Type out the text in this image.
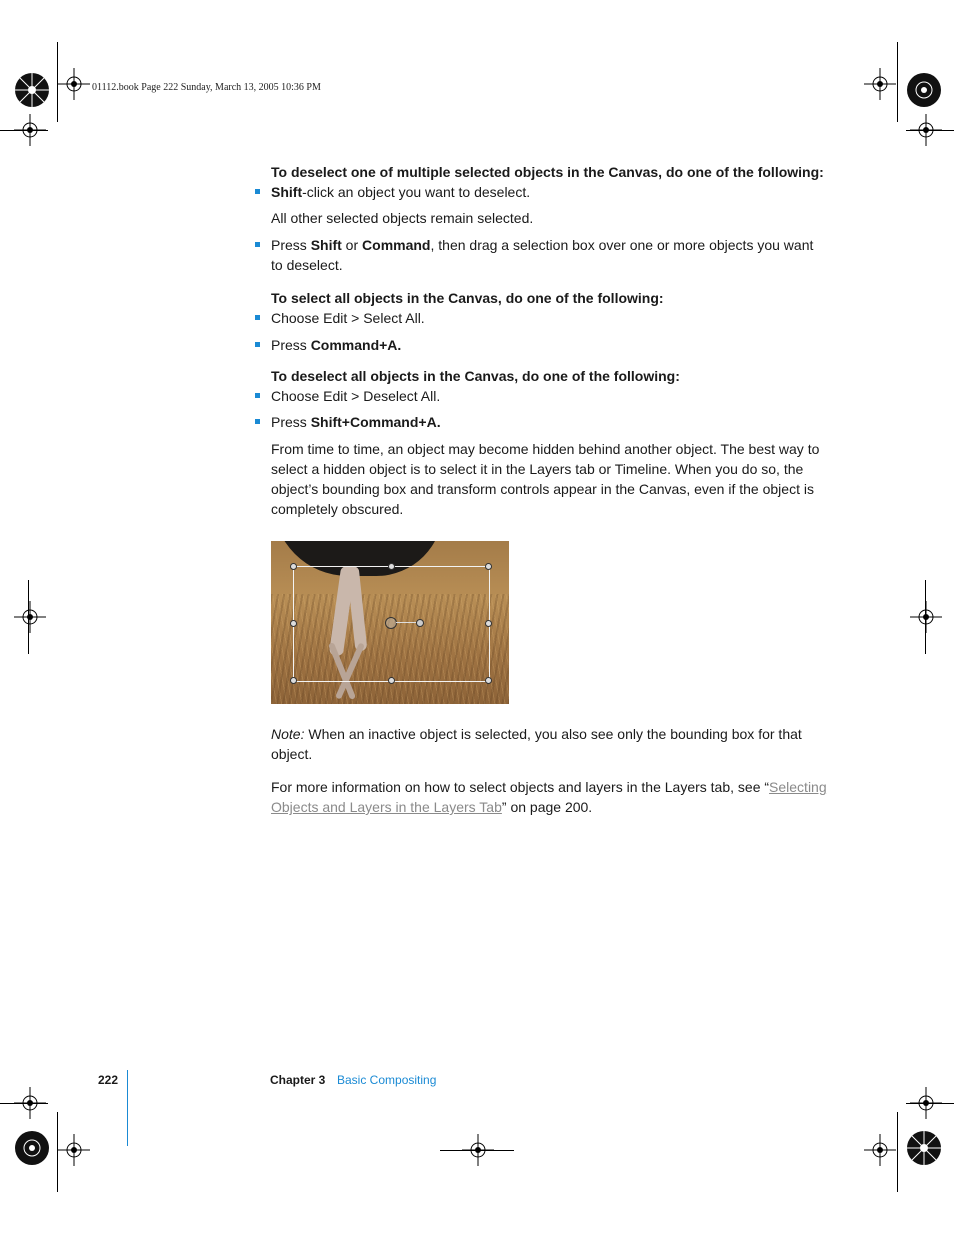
01112.book Page 222 Sunday, March 13, 2005 10:36 PM

To deselect one of multiple selected objects in the Canvas, do one of the following:

Shift-click an object you want to deselect.

All other selected objects remain selected.

Press Shift or Command, then drag a selection box over one or more objects you want to deselect.

To select all objects in the Canvas, do one of the following:

Choose Edit > Select All.
Press Command+A.

To deselect all objects in the Canvas, do one of the following:

Choose Edit > Deselect All.
Press Shift+Command+A.

From time to time, an object may become hidden behind another object. The best way to select a hidden object is to select it in the Layers tab or Timeline. When you do so, the object’s bounding box and transform controls appear in the Canvas, even if the object is completely obscured.

Note: When an inactive object is selected, you also see only the bounding box for that object.

For more information on how to select objects and layers in the Layers tab, see “Selecting Objects and Layers in the Layers Tab” on page 200.

222	Chapter 3 Basic Compositing
